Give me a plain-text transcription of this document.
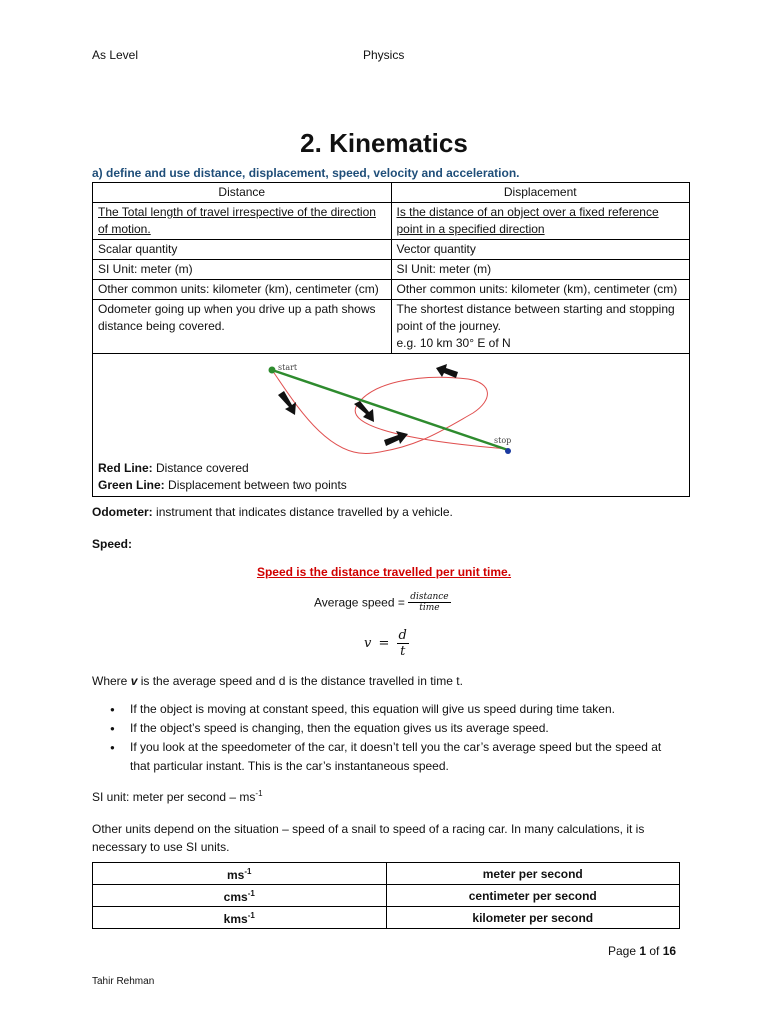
As Level	Physics
2. Kinematics
a) define and use distance, displacement, speed, velocity and acceleration.
Distance	Displacement
The Total length of travel irrespective of the direction of motion.	Is the distance of an object over a fixed reference point in a specified direction
Scalar quantity	Vector quantity
SI Unit: meter (m)	SI Unit: meter (m)
Other common units: kilometer (km), centimeter (cm)	Other common units: kilometer (km), centimeter (cm)
Odometer going up when you drive up a path shows distance being covered.	The shortest distance between starting and stopping point of the journey.
e.g. 10 km 30° E of N

start
stop
Red Line: Distance covered
Green Line: Displacement between two points	
Odometer: instrument that indicates distance travelled by a vehicle.
Speed:
Speed is the distance travelled per unit time.
Average speed = $\frac{\text{distance}}{\text{time}}$
$v = \frac{d}{t}$
Where v is the average speed and d is the distance travelled in time t.
● If the object is moving at constant speed, this equation will give us speed during time taken.
● If the object’s speed is changing, then the equation gives us its average speed.
● If you look at the speedometer of the car, it doesn’t tell you the car’s average speed but the speed at that particular instant. This is the car’s instantaneous speed.
SI unit: meter per second – $ms^{-1}$
Other units depend on the situation – speed of a snail to speed of a racing car. In many calculations, it is necessary to use SI units.
$ms^{-1}$	meter per second
cms$^{-1}$	centimeter per second
kms$^{-1}$	kilometer per second
Page 1 of 16
Tahir Rehman
